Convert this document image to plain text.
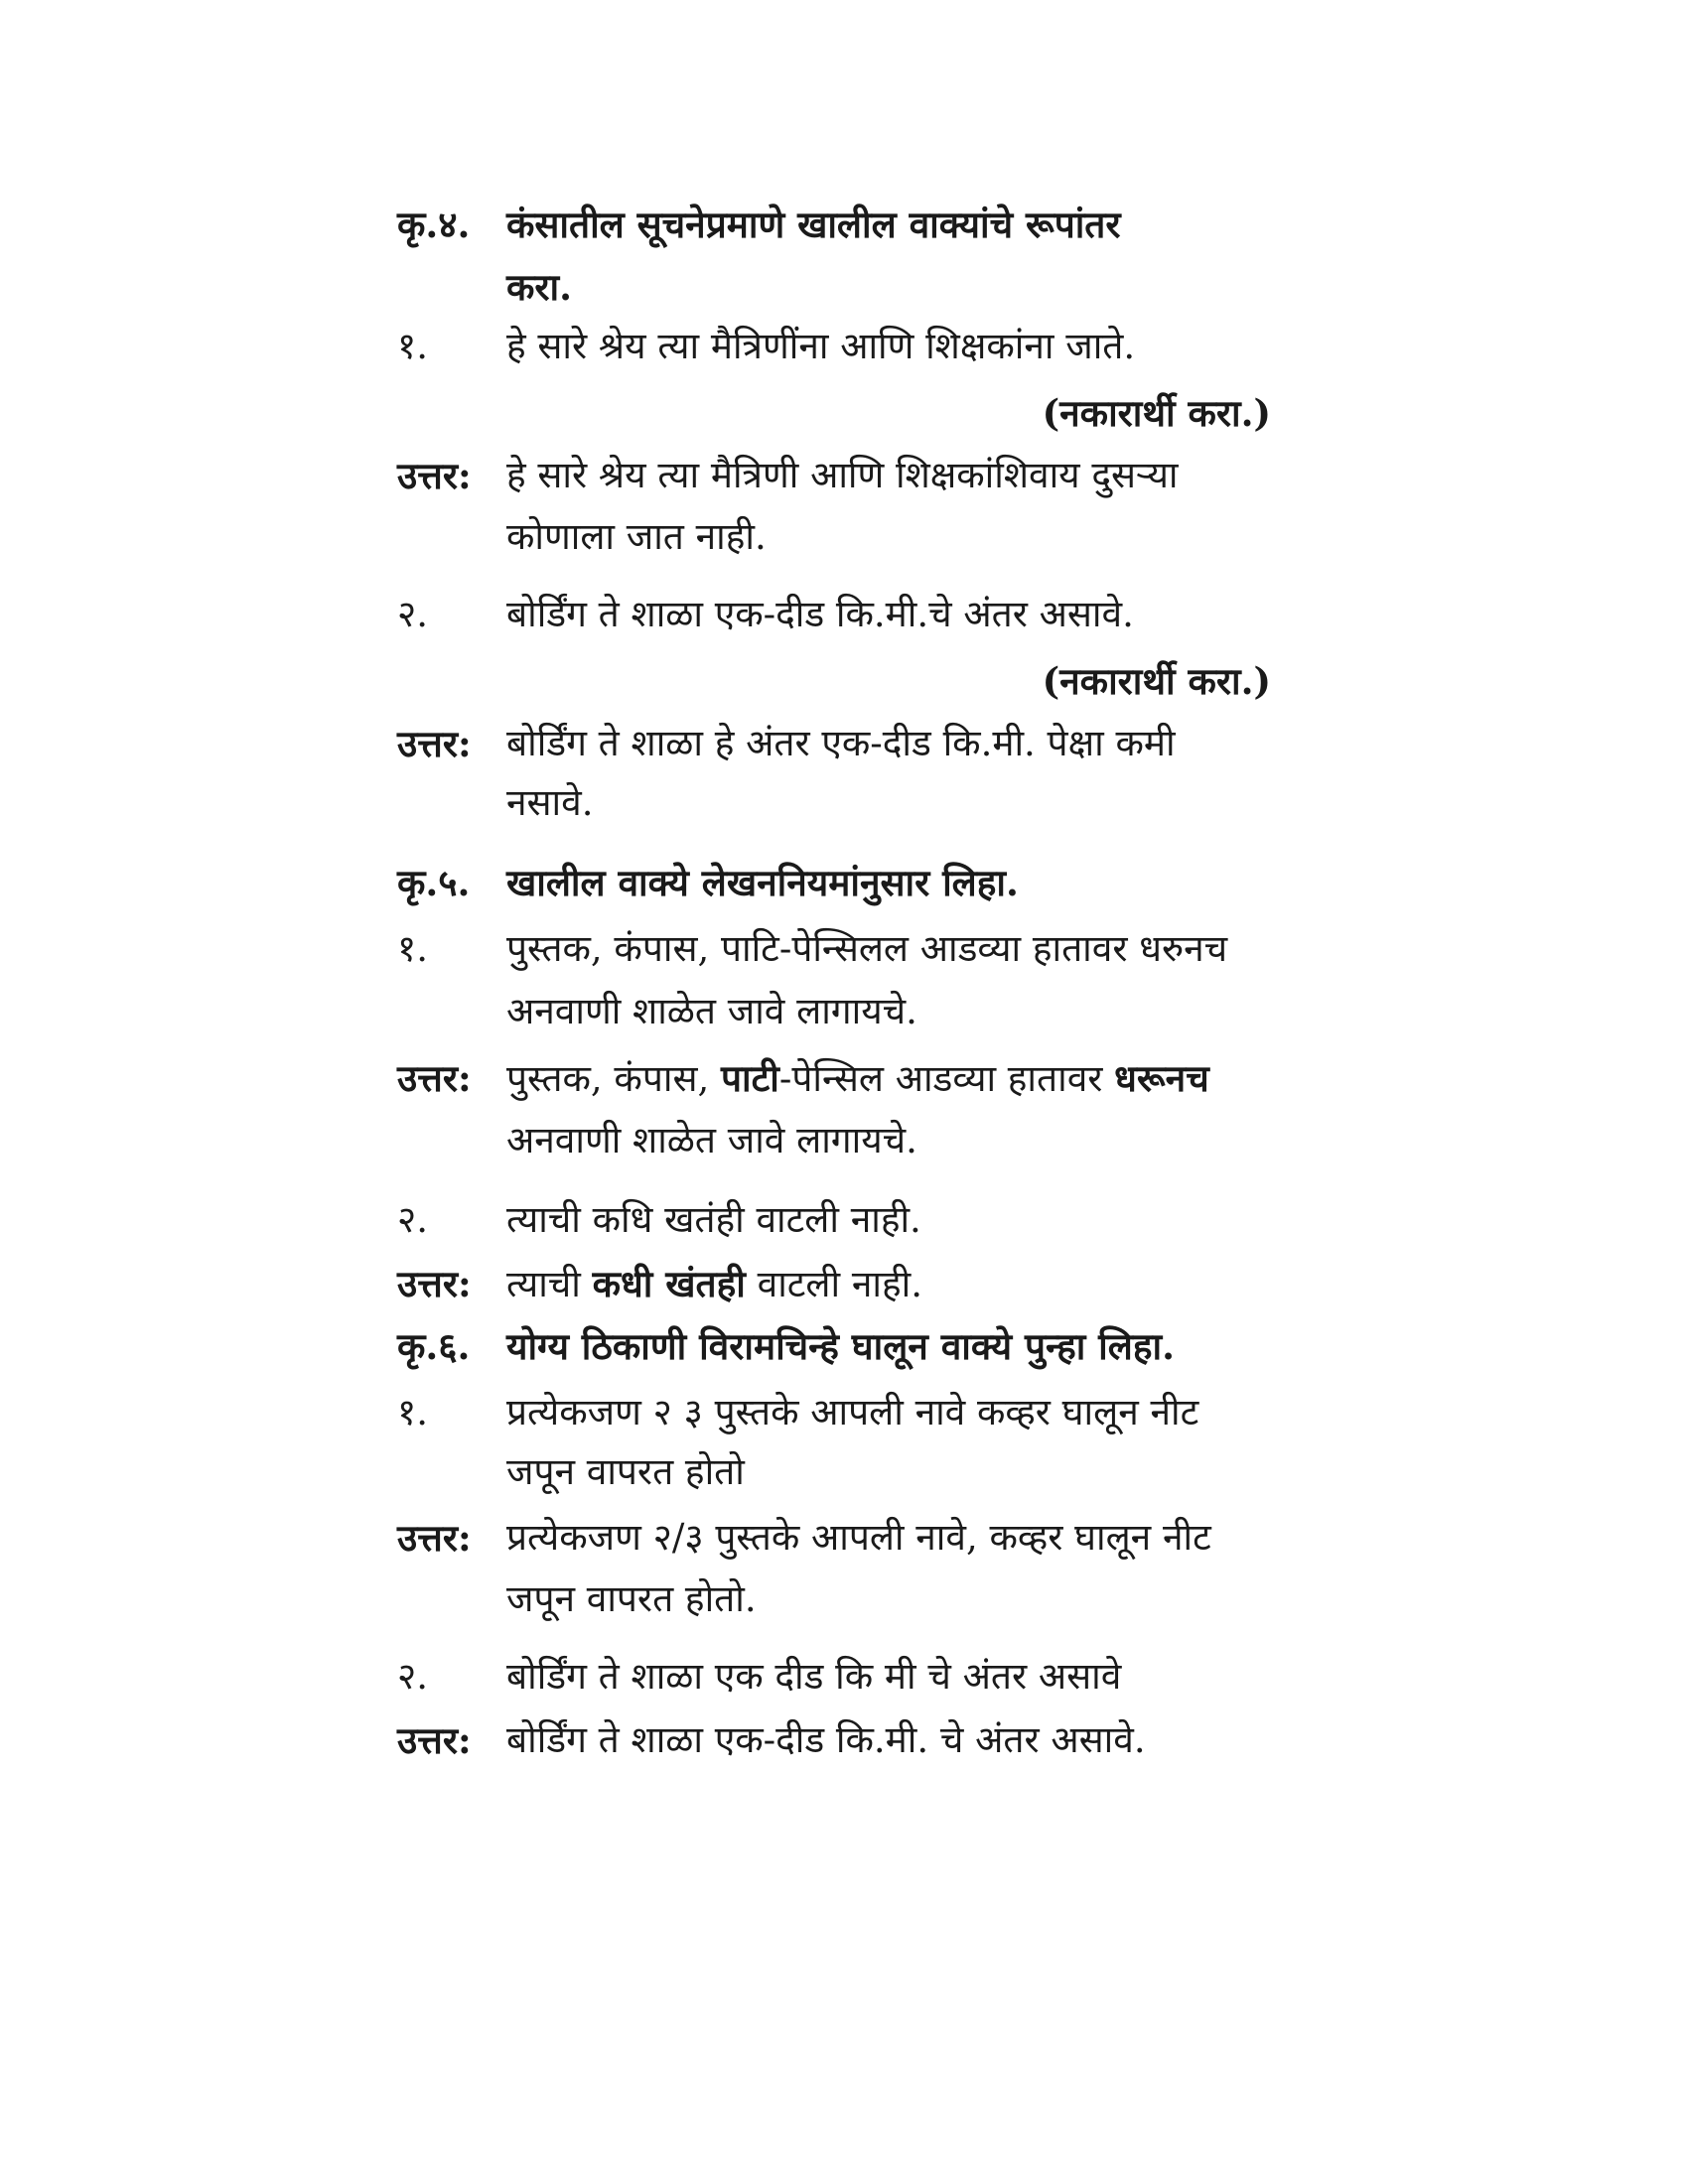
कृ.४. कंसातील सूचनेप्रमाणे खालील वाक्यांचे रूपांतर
करा.
१. हे सारे श्रेय त्या मैत्रिणींना आणि शिक्षकांना जाते.
(नकारार्थी करा.)
उत्तर: हे सारे श्रेय त्या मैत्रिणी आणि शिक्षकांशिवाय दुसऱ्या
कोणाला जात नाही.
२. बोर्डिंग ते शाळा एक-दीड कि.मी.चे अंतर असावे.
(नकारार्थी करा.)
उत्तर: बोर्डिंग ते शाळा हे अंतर एक-दीड कि.मी. पेक्षा कमी
नसावे.
कृ.५. खालील वाक्ये लेखननियमांनुसार लिहा.
१. पुस्तक, कंपास, पाटि-पेन्सिलल आडव्या हातावर धरुनच
अनवाणी शाळेत जावे लागायचे.
उत्तर: पुस्तक, कंपास, पाटी-पेन्सिल आडव्या हातावर धरूनच
अनवाणी शाळेत जावे लागायचे.
२. त्याची कधि खतंही वाटली नाही.
उत्तर: त्याची कधी खंतही वाटली नाही.
कृ.६. योग्य ठिकाणी विरामचिन्हे घालून वाक्ये पुन्हा लिहा.
१. प्रत्येकजण २ ३ पुस्तके आपली नावे कव्हर घालून नीट
जपून वापरत होतो
उत्तर: प्रत्येकजण २/३ पुस्तके आपली नावे, कव्हर घालून नीट
जपून वापरत होतो.
२. बोर्डिंग ते शाळा एक दीड कि मी चे अंतर असावे
उत्तर: बोर्डिंग ते शाळा एक-दीड कि.मी. चे अंतर असावे.
